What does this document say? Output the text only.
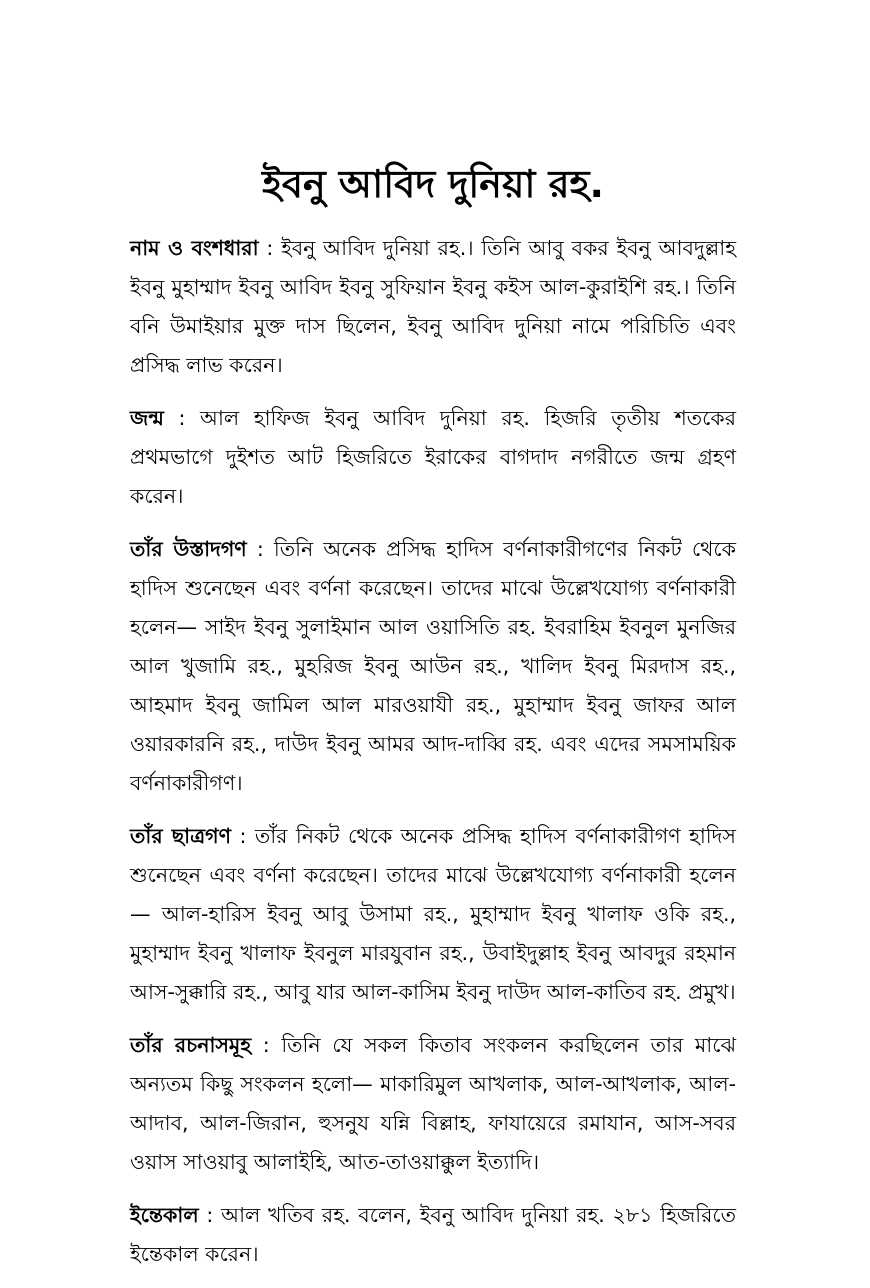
ইবনু আবিদ দুনিয়া রহ.

নাম ও বংশধারা : ইবনু আবিদ দুনিয়া রহ.। তিনি আবু বকর ইবনু আবদুল্লাহ ইবনু মুহাম্মাদ ইবনু আবিদ ইবনু সুফিয়ান ইবনু কইস আল-কুরাইশি রহ.। তিনি বনি উমাইয়ার মুক্ত দাস ছিলেন, ইবনু আবিদ দুনিয়া নামে পরিচিতি এবং প্রসিদ্ধ লাভ করেন।

জন্ম : আল হাফিজ ইবনু আবিদ দুনিয়া রহ. হিজরি তৃতীয় শতকের প্রথমভাগে দুইশত আট হিজরিতে ইরাকের বাগদাদ নগরীতে জন্ম গ্রহণ করেন।

তাঁর উস্তাদগণ : তিনি অনেক প্রসিদ্ধ হাদিস বর্ণনাকারীগণের নিকট থেকে হাদিস শুনেছেন এবং বর্ণনা করেছেন। তাদের মাঝে উল্লেখযোগ্য বর্ণনাকারী হলেন— সাইদ ইবনু সুলাইমান আল ওয়াসিতি রহ. ইবরাহিম ইবনুল মুনজির আল খুজামি রহ., মুহরিজ ইবনু আউন রহ., খালিদ ইবনু মিরদাস রহ., আহমাদ ইবনু জামিল আল মারওয়াযী রহ., মুহাম্মাদ ইবনু জাফর আল ওয়ারকারনি রহ., দাউদ ইবনু আমর আদ-দাব্বি রহ. এবং এদের সমসাময়িক বর্ণনাকারীগণ।

তাঁর ছাত্রগণ : তাঁর নিকট থেকে অনেক প্রসিদ্ধ হাদিস বর্ণনাকারীগণ হাদিস শুনেছেন এবং বর্ণনা করেছেন। তাদের মাঝে উল্লেখযোগ্য বর্ণনাকারী হলেন— আল-হারিস ইবনু আবু উসামা রহ., মুহাম্মাদ ইবনু খালাফ ওকি রহ., মুহাম্মাদ ইবনু খালাফ ইবনুল মারযুবান রহ., উবাইদুল্লাহ ইবনু আবদুর রহমান আস-সুক্কারি রহ., আবু যার আল-কাসিম ইবনু দাউদ আল-কাতিব রহ. প্রমুখ।

তাঁর রচনাসমূহ : তিনি যে সকল কিতাব সংকলন করছিলেন তার মাঝে অন্যতম কিছু সংকলন হলো— মাকারিমুল আখলাক, আল-আখলাক, আল-আদাব, আল-জিরান, হুসনুয যন্নি বিল্লাহ, ফাযায়েরে রমাযান, আস-সবর ওয়াস সাওয়াবু আলাইহি, আত-তাওয়াক্কুল ইত্যাদি।

ইন্তেকাল : আল খতিব রহ. বলেন, ইবনু আবিদ দুনিয়া রহ. ২৮১ হিজরিতে ইন্তেকাল করেন।
